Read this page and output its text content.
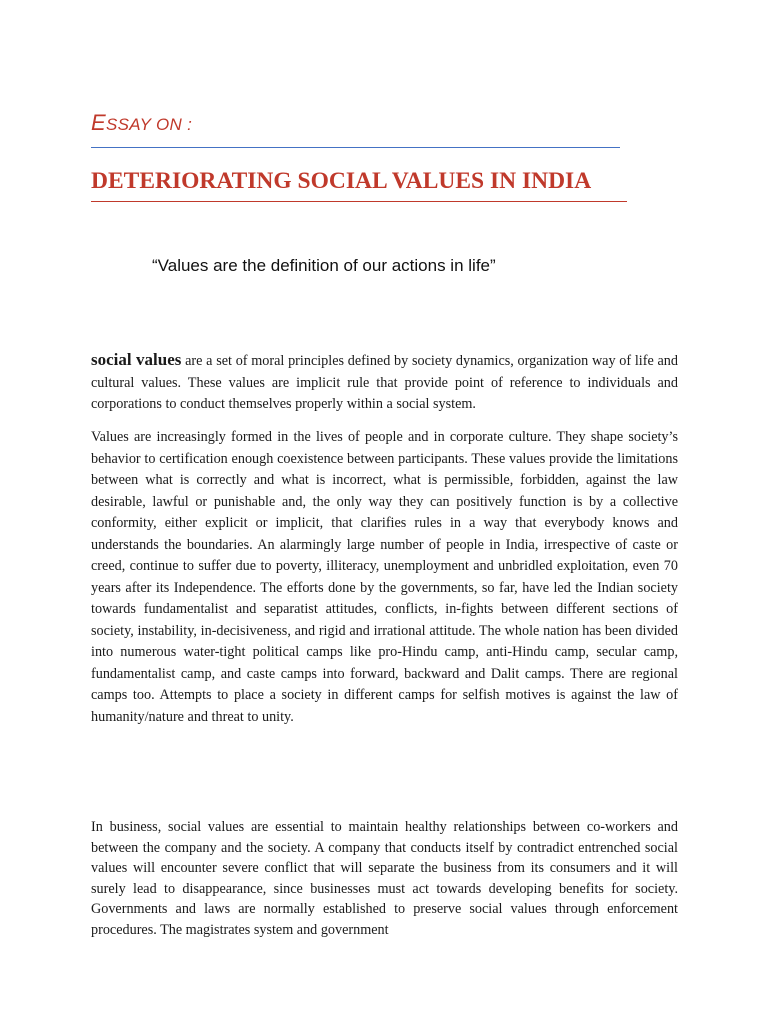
ESSAY ON :
DETERIORATING SOCIAL VALUES IN INDIA
“Values are the definition of our actions in life”
social values are a set of moral principles defined by society dynamics, organization way of life and cultural values. These values are implicit rule that provide point of reference to individuals and corporations to conduct themselves properly within a social system.
Values are increasingly formed in the lives of people and in corporate culture. They shape society’s behavior to certification enough coexistence between participants. These values provide the limitations between what is correctly and what is incorrect, what is permissible, forbidden, against the law desirable, lawful or punishable and, the only way they can positively function is by a collective conformity, either explicit or implicit, that clarifies rules in a way that everybody knows and understands the boundaries. An alarmingly large number of people in India, irrespective of caste or creed, continue to suffer due to poverty, illiteracy, unemployment and unbridled exploitation, even 70 years after its Independence. The efforts done by the governments, so far, have led the Indian society towards fundamentalist and separatist attitudes, conflicts, in-fights between different sections of society, instability, in-decisiveness, and rigid and irrational attitude. The whole nation has been divided into numerous water-tight political camps like pro-Hindu camp, anti-Hindu camp, secular camp, fundamentalist camp, and caste camps into forward, backward and Dalit camps. There are regional camps too. Attempts to place a society in different camps for selfish motives is against the law of humanity/nature and threat to unity.
In business, social values are essential to maintain healthy relationships between co-workers and between the company and the society. A company that conducts itself by contradict entrenched social values will encounter severe conflict that will separate the business from its consumers and it will surely lead to disappearance, since businesses must act towards developing benefits for society. Governments and laws are normally established to preserve social values through enforcement procedures. The magistrates system and government
